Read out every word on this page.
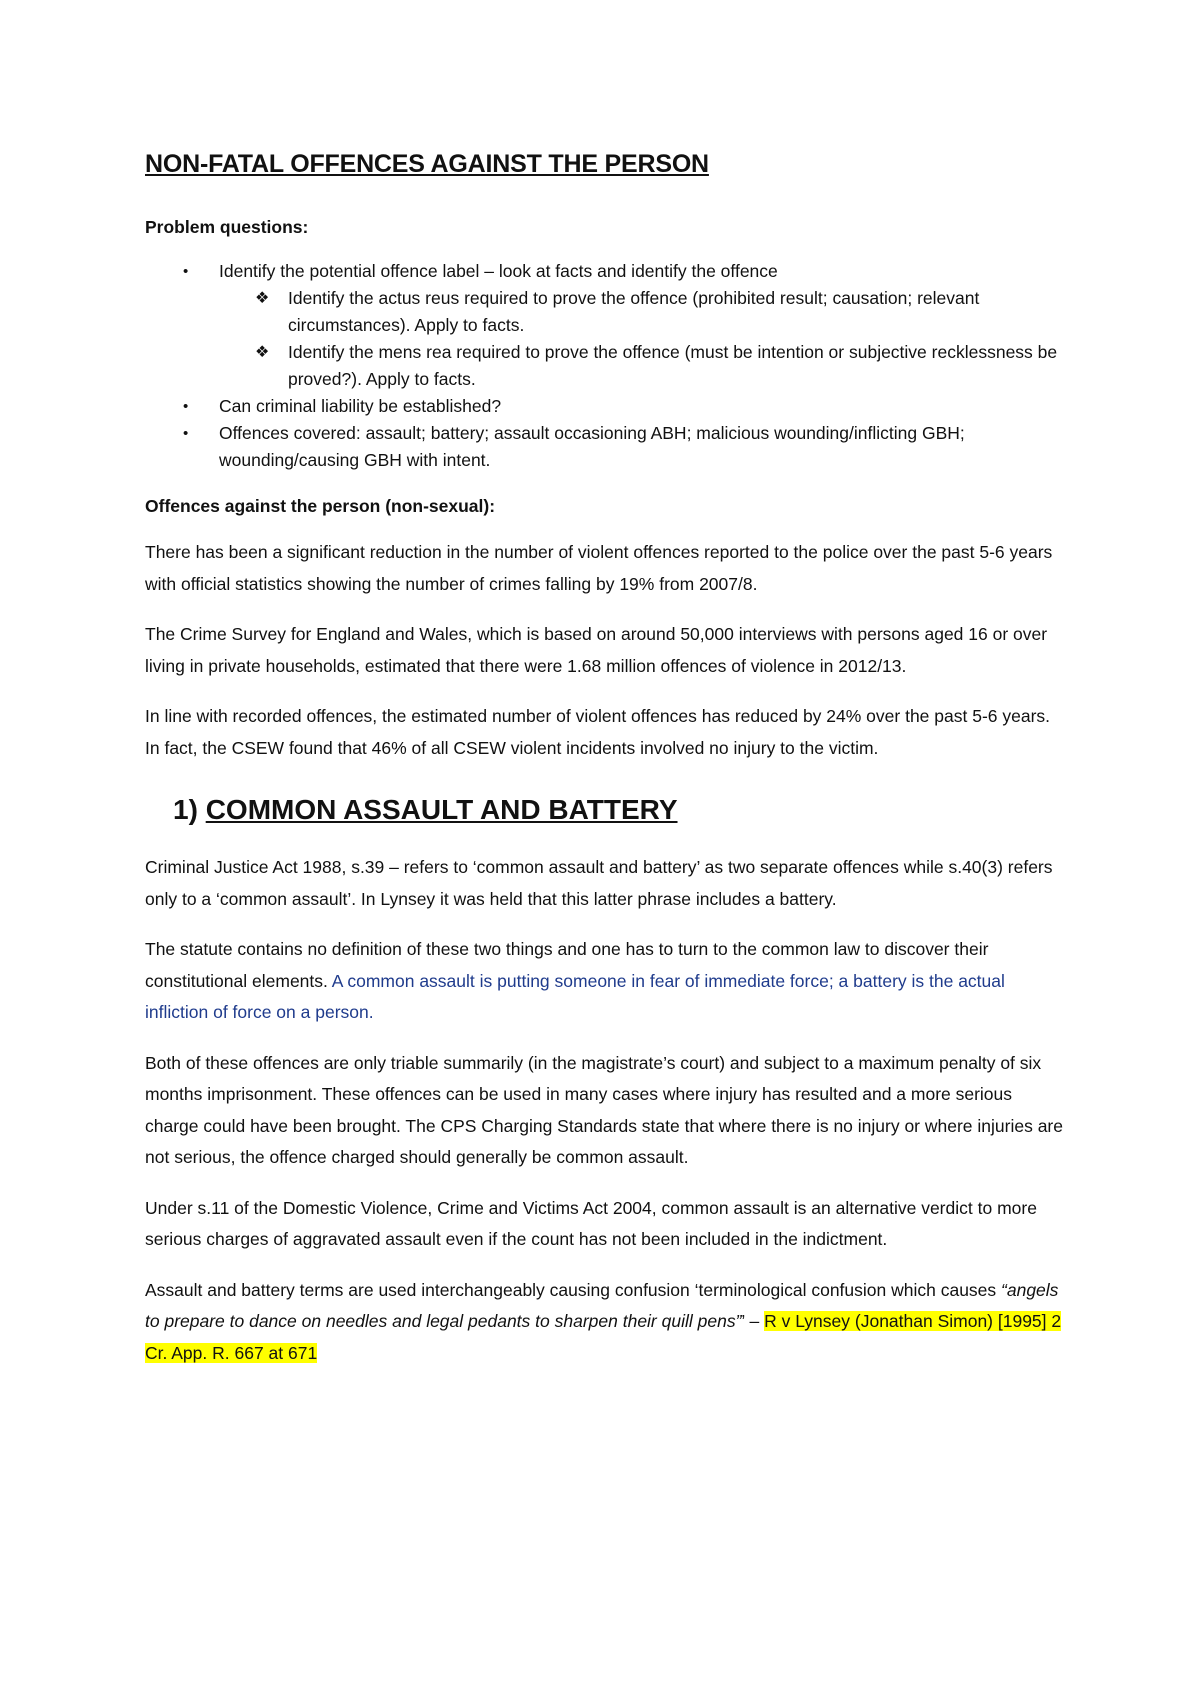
NON-FATAL OFFENCES AGAINST THE PERSON
Problem questions:
• Identify the potential offence label – look at facts and identify the offence
❖ Identify the actus reus required to prove the offence (prohibited result; causation; relevant circumstances). Apply to facts.
❖ Identify the mens rea required to prove the offence (must be intention or subjective recklessness be proved?). Apply to facts.
• Can criminal liability be established?
• Offences covered: assault; battery; assault occasioning ABH; malicious wounding/inflicting GBH; wounding/causing GBH with intent.
Offences against the person (non-sexual):

There has been a significant reduction in the number of violent offences reported to the police over the past 5-6 years with official statistics showing the number of crimes falling by 19% from 2007/8.

The Crime Survey for England and Wales, which is based on around 50,000 interviews with persons aged 16 or over living in private households, estimated that there were 1.68 million offences of violence in 2012/13.

In line with recorded offences, the estimated number of violent offences has reduced by 24% over the past 5-6 years. In fact, the CSEW found that 46% of all CSEW violent incidents involved no injury to the victim.

1) COMMON ASSAULT AND BATTERY

Criminal Justice Act 1988, s.39 – refers to ‘common assault and battery’ as two separate offences while s.40(3) refers only to a ‘common assault’. In Lynsey it was held that this latter phrase includes a battery.

The statute contains no definition of these two things and one has to turn to the common law to discover their constitutional elements. A common assault is putting someone in fear of immediate force; a battery is the actual infliction of force on a person.

Both of these offences are only triable summarily (in the magistrate’s court) and subject to a maximum penalty of six months imprisonment. These offences can be used in many cases where injury has resulted and a more serious charge could have been brought. The CPS Charging Standards state that where there is no injury or where injuries are not serious, the offence charged should generally be common assault.

Under s.11 of the Domestic Violence, Crime and Victims Act 2004, common assault is an alternative verdict to more serious charges of aggravated assault even if the count has not been included in the indictment.

Assault and battery terms are used interchangeably causing confusion ‘terminological confusion which causes “angels to prepare to dance on needles and legal pedants to sharpen their quill pens”’ – R v Lynsey (Jonathan Simon) [1995] 2 Cr. App. R. 667 at 671
